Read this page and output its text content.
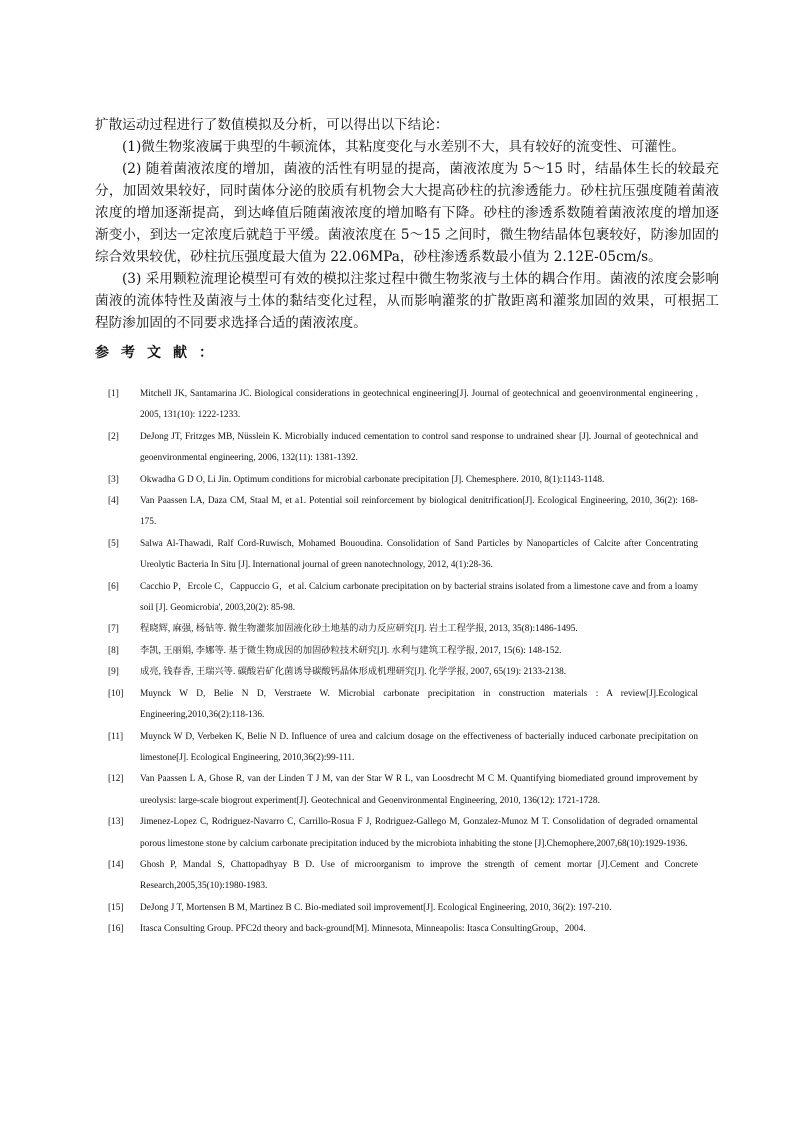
扩散运动过程进行了数值模拟及分析，可以得出以下结论：

(1)微生物浆液属于典型的牛顿流体，其粘度变化与水差别不大，具有较好的流变性、可灌性。

(2) 随着菌液浓度的增加，菌液的活性有明显的提高，菌液浓度为 5～15 时，结晶体生长的较最充分，加固效果较好，同时菌体分泌的胶质有机物会大大提高砂柱的抗渗透能力。砂柱抗压强度随着菌液浓度的增加逐渐提高，到达峰值后随菌液浓度的增加略有下降。砂柱的渗透系数随着菌液浓度的增加逐渐变小，到达一定浓度后就趋于平缓。菌液浓度在 5～15 之间时，微生物结晶体包裹较好，防渗加固的综合效果较优，砂柱抗压强度最大值为 22.06MPa，砂柱渗透系数最小值为 2.12E-05cm/s。

(3) 采用颗粒流理论模型可有效的模拟注浆过程中微生物浆液与土体的耦合作用。菌液的浓度会影响菌液的流体特性及菌液与土体的黏结变化过程，从而影响灌浆的扩散距离和灌浆加固的效果，可根据工程防渗加固的不同要求选择合适的菌液浓度。

参考文献：

[1] Mitchell JK, Santamarina JC. Biological considerations in geotechnical engineering[J]. Journal of geotechnical and geoenvironmental engineering , 2005, 131(10): 1222-1233.

[2] DeJong JT, Fritzges MB, Nüsslein K. Microbially induced cementation to control sand response to undrained shear [J]. Journal of geotechnical and geoenvironmental engineering, 2006, 132(11): 1381-1392.

[3] Okwadha G D O, Li Jin. Optimum conditions for microbial carbonate precipitation [J]. Chemesphere. 2010, 8(1):1143-1148.

[4] Van Paassen LA, Daza CM, Staal M, et a1. Potential soil reinforcement by biological denitrification[J]. Ecological Engineering, 2010, 36(2): 168-175.

[5] Salwa Al-Thawadi, Ralf Cord-Ruwisch, Mohamed Bououdina. Consolidation of Sand Particles by Nanoparticles of Calcite after Concentrating Ureolytic Bacteria In Situ [J]. International journal of green nanotechnology, 2012, 4(1):28-36.

[6] Cacchio P，Ercole C，Cappuccio G，et al. Calcium carbonate precipitation on by bacterial strains isolated from a limestone cave and from a loamy soil [J]. Geomicrobia', 2003,20(2): 85-98.

[7] 程晓辉, 麻强, 杨钻等. 微生物灌浆加固液化砂土地基的动力反应研究[J]. 岩土工程学报, 2013, 35(8):1486-1495.

[8] 李凯, 王丽娟, 李娜等. 基于微生物成因的加固砂粒技术研究[J]. 水利与建筑工程学报, 2017, 15(6): 148-152.

[9] 成亮, 钱春香, 王瑞兴等. 碳酸岩矿化菌诱导碳酸钙晶体形成机理研究[J]. 化学学报, 2007, 65(19): 2133-2138.

[10] Muynck W D, Belie N D, Verstraete W. Microbial carbonate precipitation in construction materials : A review[J].Ecological Engineering,2010,36(2):118-136.

[11] Muynck W D, Verbeken K, Belie N D. Influence of urea and calcium dosage on the effectiveness of bacterially induced carbonate precipitation on limestone[J]. Ecological Engineering, 2010,36(2):99-111.

[12] Van Paassen L A, Ghose R, van der Linden T J M, van der Star W R L, van Loosdrecht M C M. Quantifying biomediated ground improvement by ureolysis: large-scale biogrout experiment[J]. Geotechnical and Geoenvironmental Engineering, 2010, 136(12): 1721-1728.

[13] Jimenez-Lopez C, Rodriguez-Navarro C, Carrillo-Rosua F J, Rodriguez-Gallego M, Gonzalez-Munoz M T. Consolidation of degraded ornamental porous limestone stone by calcium carbonate precipitation induced by the microbiota inhabiting the stone [J].Chemophere,2007,68(10):1929-1936.

[14] Ghosh P, Mandal S, Chattopadhyay B D. Use of microorganism to improve the strength of cement mortar [J].Cement and Concrete Research,2005,35(10):1980-1983.

[15] DeJong J T, Mortensen B M, Martinez B C. Bio-mediated soil improvement[J]. Ecological Engineering, 2010, 36(2): 197-210.

[16] Itasca Consulting Group. PFC2d theory and back-ground[M]. Minnesota, Minneapolis: Itasca ConsultingGroup，2004.
